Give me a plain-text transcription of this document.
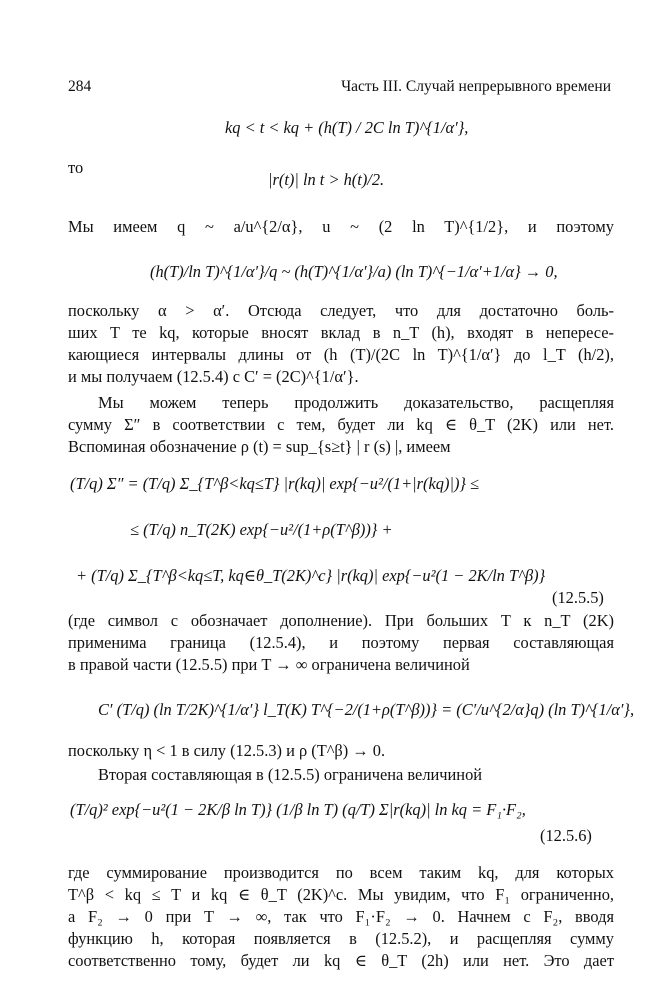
284	Часть III. Случай непрерывного времени
kq < t < kq + (h(T) / 2C ln T)^{1/α′},
то
|r(t)| ln t > h(t)/2.
Мы имеем q ~ a/u^{2/α}, u ~ (2 ln T)^{1/2}, и поэтому
(h(T)/ln T)^{1/α′}/q ~ (h(T)^{1/α′}/a) (ln T)^{−1/α′+1/α} → 0,
поскольку α > α′. Отсюда следует, что для достаточно боль-
ших T те kq, которые вносят вклад в n_T (h), входят в непересе-
кающиеся интервалы длины от (h (T)/(2C ln T)^{1/α′} до l_T (h/2),
и мы получаем (12.5.4) с C′ = (2C)^{1/α′}.
Мы можем теперь продолжить доказательство, расщепляя
сумму Σ″ в соответствии с тем, будет ли kq ∈ θ_T (2K) или нет.
Вспоминая обозначение ρ (t) = sup_{s≥t} | r (s) |, имеем
(T/q) Σ″ = (T/q) Σ_{T^β<kq≤T} |r(kq)| exp{−u²/(1+|r(kq)|)} ≤
≤ (T/q) n_T(2K) exp{−u²/(1+ρ(T^β))} +
+ (T/q) Σ_{T^β<kq≤T, kq∈θ_T(2K)^c} |r(kq)| exp{−u²(1 − 2K/ln T^β)}
(12.5.5)
(где символ c обозначает дополнение). При больших T к n_T (2K)
применима граница (12.5.4), и поэтому первая составляющая
в правой части (12.5.5) при T → ∞ ограничена величиной
C′ (T/q) (ln T/2K)^{1/α′} l_T(K) T^{−2/(1+ρ(T^β))} = (C′/u^{2/α}q) (ln T)^{1/α′},
поскольку η < 1 в силу (12.5.3) и ρ (T^β) → 0.
Вторая составляющая в (12.5.5) ограничена величиной
(T/q)² exp{−u²(1 − 2K/β ln T)} (1/β ln T) (q/T) Σ|r(kq)| ln kq = F₁·F₂,
(12.5.6)
где суммирование производится по всем таким kq, для которых
T^β < kq ≤ T и kq ∈ θ_T (2K)^c. Мы увидим, что F₁ ограниченно,
а F₂ → 0 при T → ∞, так что F₁·F₂ → 0. Начнем с F₂, вводя
функцию h, которая появляется в (12.5.2), и расщепляя сумму
соответственно тому, будет ли kq ∈ θ_T (2h) или нет. Это дает
